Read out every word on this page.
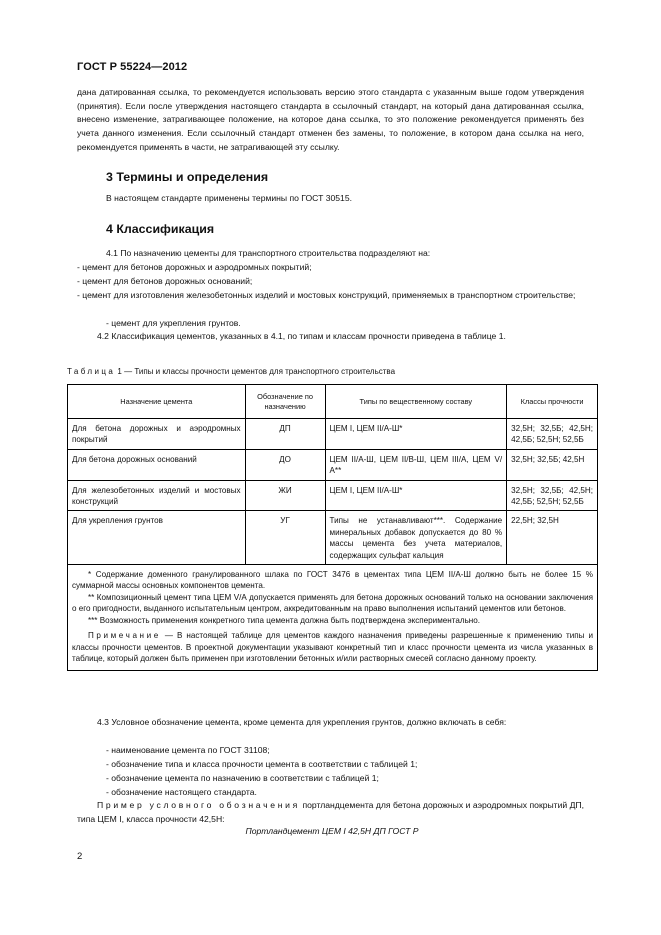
ГОСТ Р 55224—2012
дана датированная ссылка, то рекомендуется использовать версию этого стандарта с указанным выше годом утверждения (принятия). Если после утверждения настоящего стандарта в ссылочный стандарт, на который дана датированная ссылка, внесено изменение, затрагивающее положение, на которое дана ссылка, то это положение рекомендуется применять без учета данного изменения. Если ссылочный стандарт отменен без замены, то положение, в котором дана ссылка на него, рекомендуется применять в части, не затрагивающей эту ссылку.
3 Термины и определения
В настоящем стандарте применены термины по ГОСТ 30515.
4 Классификация
4.1 По назначению цементы для транспортного строительства подразделяют на:
- цемент для бетонов дорожных и аэродромных покрытий;
- цемент для бетонов дорожных оснований;
- цемент для изготовления железобетонных изделий и мостовых конструкций, применяемых в транспортном строительстве;
- цемент для укрепления грунтов.
4.2 Классификация цементов, указанных в 4.1, по типам и классам прочности приведена в таблице 1.
Таблица 1 — Типы и классы прочности цементов для транспортного строительства
Назначение цемента	Обозначение по назначению	Типы по вещественному составу	Классы прочности
Для бетона дорожных и аэродромных покрытий	ДП	ЦЕМ I, ЦЕМ II/А-Ш*	32,5Н; 32,5Б; 42,5Н; 42,5Б; 52,5Н; 52,5Б
Для бетона дорожных оснований	ДО	ЦЕМ II/А-Ш, ЦЕМ II/В-Ш, ЦЕМ III/А, ЦЕМ V/А**	32,5Н; 32,5Б; 42,5Н
Для железобетонных изделий и мостовых конструкций	ЖИ	ЦЕМ I, ЦЕМ II/А-Ш*	32,5Н; 32,5Б; 42,5Н; 42,5Б; 52,5Н; 52,5Б
Для укрепления грунтов	УГ	Типы не устанавливают***. Содержание минеральных добавок допускается до 80 % массы цемента без учета материалов, содержащих сульфат кальция	22,5Н; 32,5Н

* Содержание доменного гранулированного шлака по ГОСТ 3476 в цементах типа ЦЕМ II/А-Ш должно быть не более 15 % суммарной массы основных компонентов цемента.
** Композиционный цемент типа ЦЕМ V/А допускается применять для бетона дорожных оснований только на основании заключения о его пригодности, выданного испытательным центром, аккредитованным на право выполнения испытаний цементов или бетонов.
*** Возможность применения конкретного типа цемента должна быть подтверждена экспериментально.
Примечание — В настоящей таблице для цементов каждого назначения приведены разрешенные к применению типы и классы прочности цементов. В проектной документации указывают конкретный тип и класс прочности цемента из числа указанных в таблице, который должен быть применен при изготовлении бетонных и/или растворных смесей согласно данному проекту.			
4.3 Условное обозначение цемента, кроме цемента для укрепления грунтов, должно включать в себя:
- наименование цемента по ГОСТ 31108;
- обозначение типа и класса прочности цемента в соответствии с таблицей 1;
- обозначение цемента по назначению в соответствии с таблицей 1;
- обозначение настоящего стандарта.
Пример условного обозначения портландцемента для бетона дорожных и аэродромных покрытий ДП, типа ЦЕМ I, класса прочности 42,5Н:
Портландцемент ЦЕМ I 42,5Н ДП ГОСТ Р
2
